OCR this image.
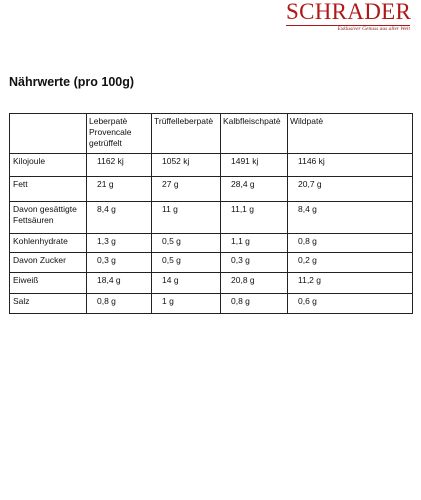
SCHRADER
Exklusiver Genuss aus aller Welt
Nährwerte (pro 100g)
	Leberpatè Provencale getrüffelt	Trüffelleberpatè	Kalbfleischpatè	Wildpatè
Kilojoule	1162 kj	1052 kj	1491 kj	1146 kj
Fett	21 g	27 g	28,4 g	20,7 g
Davon gesättigte Fettsäuren	8,4 g	11 g	11,1 g	8,4 g
Kohlenhydrate	1,3 g	0,5 g	1,1 g	0,8 g
Davon Zucker	0,3 g	0,5 g	0,3 g	0,2 g
Eiweiß	18,4 g	14 g	20,8 g	11,2 g
Salz	0,8 g	1 g	0,8 g	0,6 g
